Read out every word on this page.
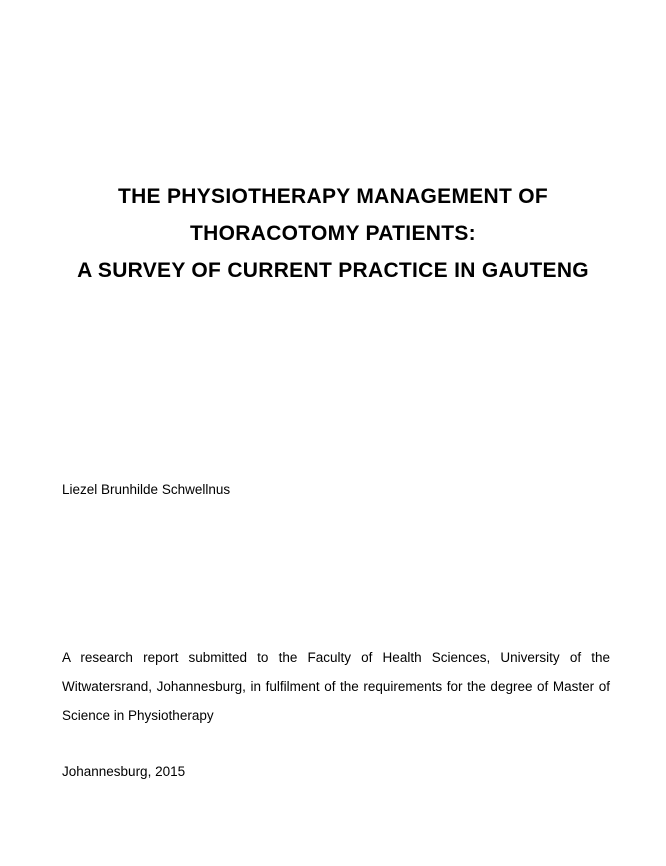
THE PHYSIOTHERAPY MANAGEMENT OF
THORACOTOMY PATIENTS:
A SURVEY OF CURRENT PRACTICE IN GAUTENG

Liezel Brunhilde Schwellnus

A research report submitted to the Faculty of Health Sciences, University of the Witwatersrand, Johannesburg, in fulfilment of the requirements for the degree of Master of Science in Physiotherapy

Johannesburg, 2015
